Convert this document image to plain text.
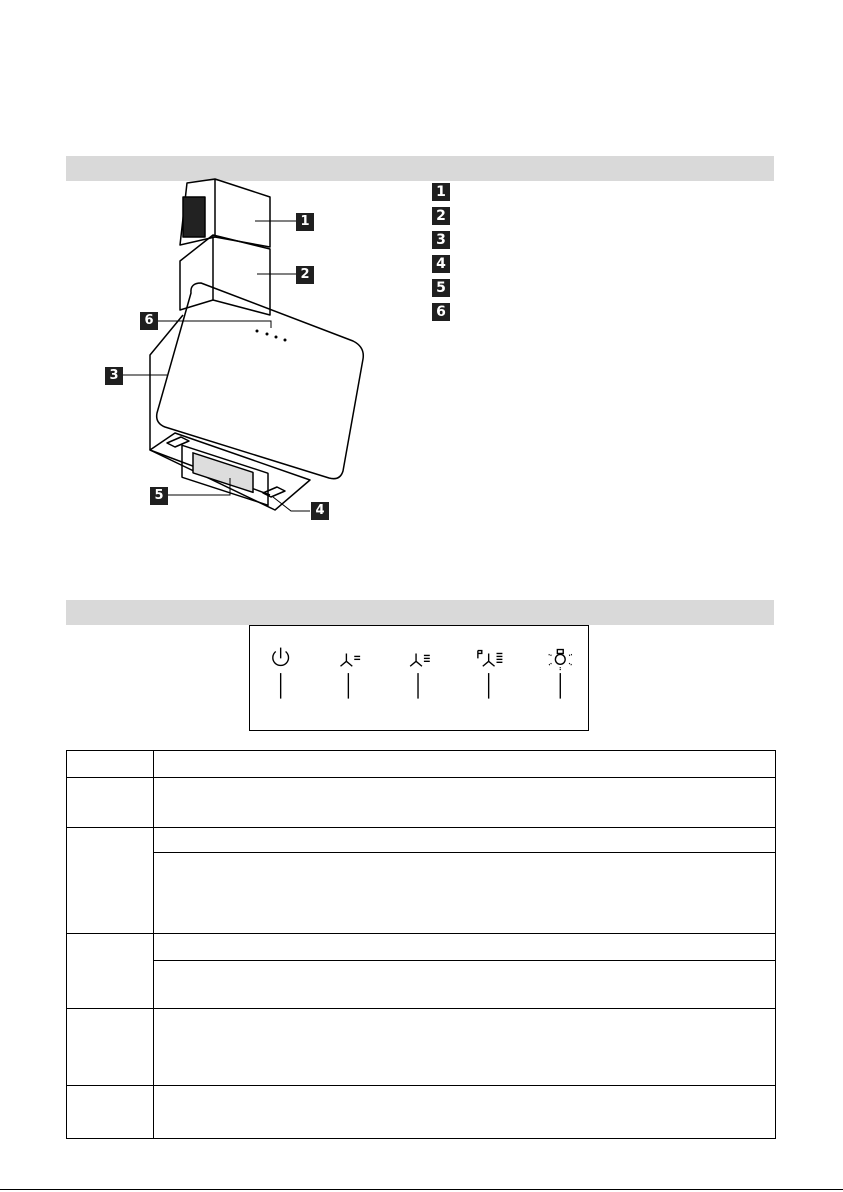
1
2
6
3
5
4
1
2
3
4
5
6
